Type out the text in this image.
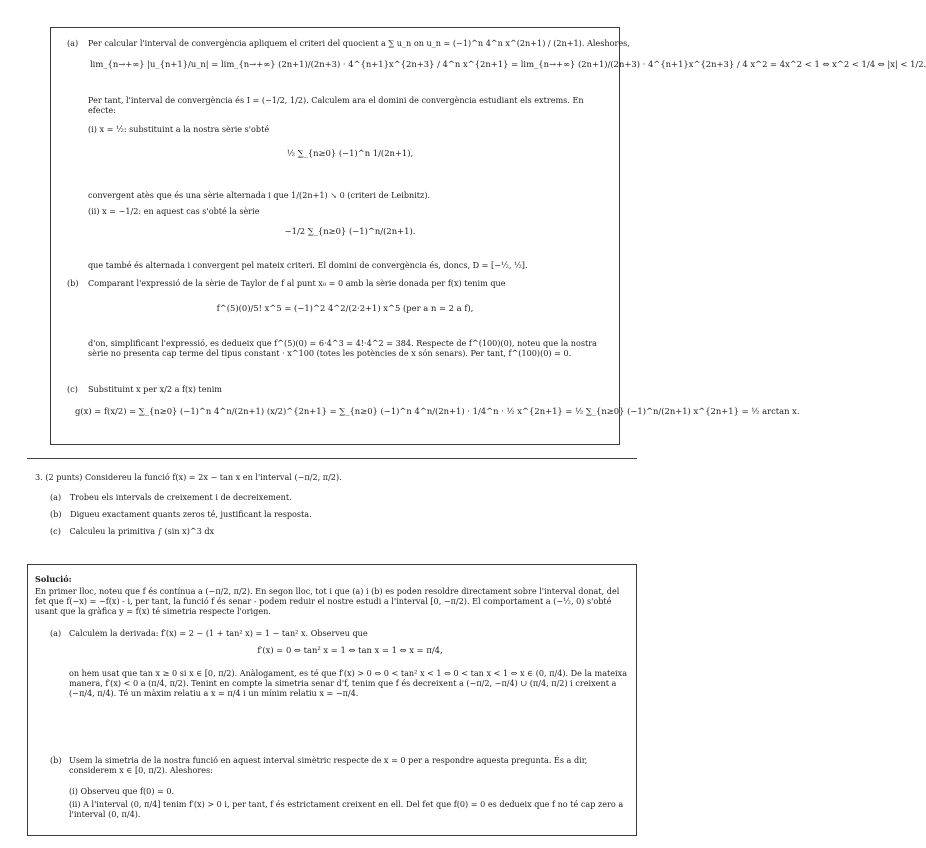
(a) Per calcular l'interval de convergència apliquem el criteri del quocient a ∑ u_n on u_n = (−1)^n 4^n x^(2n+1) / (2n+1). Aleshores,
lim_{n→+∞} |u_{n+1}/u_n| = lim_{n→+∞} (2n+1)/(2n+3) · 4^{n+1}x^{2n+3} / 4^n x^{2n+1} = lim_{n→+∞} (2n+1)/(2n+3) · 4^{n+1}x^{2n+3} / 4 x^2 = 4x^2 < 1 ⇔ x^2 < 1/4 ⇔ |x| < 1/2.
Per tant, l'interval de convergència és I = (−1/2, 1/2). Calculem ara el domini de convergència estudiant els extrems. En efecte:
(i) x = ½: substituint a la nostra sèrie s'obté
½ ∑_{n≥0} (−1)^n 1/(2n+1),
convergent atès que és una sèrie alternada i que 1/(2n+1) ↘ 0 (criteri de Leibnitz).
(ii) x = −1/2: en aquest cas s'obté la sèrie
−1/2 ∑_{n≥0} (−1)^n/(2n+1).
que també és alternada i convergent pel mateix criteri. El domini de convergència és, doncs, D = [−½, ½].
(b) Comparant l'expressió de la sèrie de Taylor de f al punt x₀ = 0 amb la sèrie donada per f(x) tenim que
f^(5)(0)/5! x^5 = (−1)^2 4^2/(2·2+1) x^5 (per a n = 2 a f),
d'on, simplificant l'expressió, es dedueix que f^(5)(0) = 6·4^3 = 4!·4^2 = 384. Respecte de f^(100)(0), noteu que la nostra sèrie no presenta cap terme del tipus constant · x^100 (totes les potències de x són senars). Per tant, f^(100)(0) = 0.
(c) Substituint x per x/2 a f(x) tenim
g(x) = f(x/2) = ∑_{n≥0} (−1)^n 4^n/(2n+1) (x/2)^{2n+1} = ∑_{n≥0} (−1)^n 4^n/(2n+1) · 1/4^n · ½ x^{2n+1} = ½ ∑_{n≥0} (−1)^n/(2n+1) x^{2n+1} = ½ arctan x.
3. (2 punts) Considereu la funció f(x) = 2x − tan x en l'interval (−π/2, π/2).
(a) Trobeu els intervals de creixement i de decreixement.
(b) Digueu exactament quants zeros té, justificant la resposta.
(c) Calculeu la primitiva ∫ (sin x)^3 dx
Solució:
En primer lloc, noteu que f és contínua a (−π/2, π/2). En segon lloc, tot i que (a) i (b) es poden resoldre directament sobre l'interval donat, del fet que f(−x) = −f(x) - i, per tant, la funció f és senar - podem reduir el nostre estudi a l'interval [0, −π/2). El comportament a (−½, 0) s'obté usant que la gràfica y = f(x) té simetria respecte l'origen.
(a) Calculem la derivada: f′(x) = 2 − (1 + tan² x) = 1 − tan² x. Observeu que
f′(x) = 0 ⇔ tan² x = 1 ⇔ tan x = 1 ⇔ x = π/4,
on hem usat que tan x ≥ 0 si x ∈ [0, π/2). Anàlogament, es té que f′(x) > 0 ⇔ 0 < tan² x < 1 ⇔ 0 < tan x < 1 ⇔ x ∈ (0, π/4). De la mateixa manera, f′(x) < 0 a (π/4, π/2). Tenint en compte la simetria senar d'f, tenim que f és decreixent a (−π/2, −π/4) ∪ (π/4, π/2) i creixent a (−π/4, π/4). Té un màxim relatiu a x = π/4 i un mínim relatiu x = −π/4.
(b) Usem la simetria de la nostra funció en aquest interval simètric respecte de x = 0 per a respondre aquesta pregunta. És a dir, considerem x ∈ [0, π/2). Aleshores:
(i) Observeu que f(0) = 0.
(ii) A l'interval (0, π/4] tenim f′(x) > 0 i, per tant, f és estrictament creixent en ell. Del fet que f(0) = 0 es dedueix que f no té cap zero a l'interval (0, π/4).
